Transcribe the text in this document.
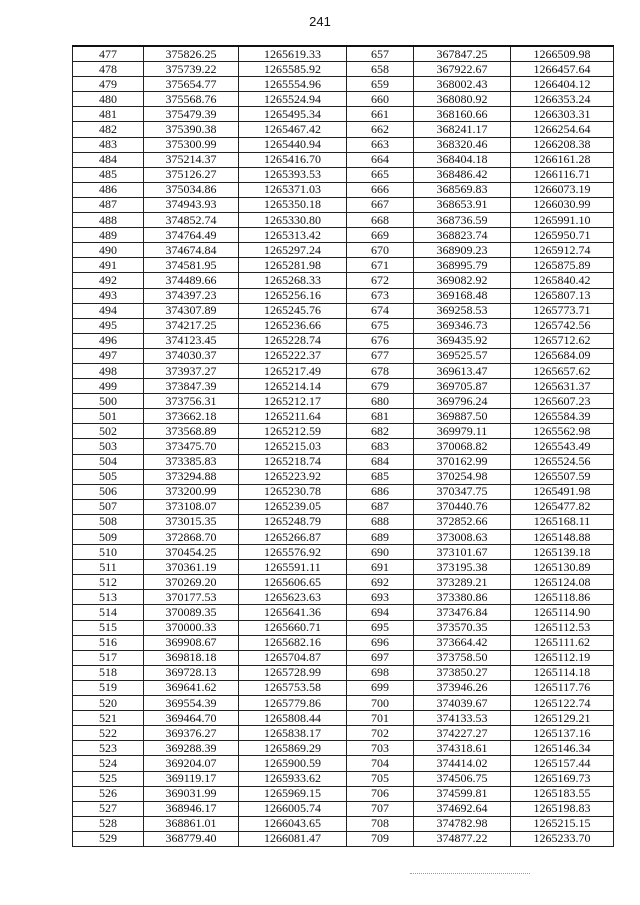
241
477	375826.25	1265619.33	657	367847.25	1266509.98
478	375739.22	1265585.92	658	367922.67	1266457.64
479	375654.77	1265554.96	659	368002.43	1266404.12
480	375568.76	1265524.94	660	368080.92	1266353.24
481	375479.39	1265495.34	661	368160.66	1266303.31
482	375390.38	1265467.42	662	368241.17	1266254.64
483	375300.99	1265440.94	663	368320.46	1266208.38
484	375214.37	1265416.70	664	368404.18	1266161.28
485	375126.27	1265393.53	665	368486.42	1266116.71
486	375034.86	1265371.03	666	368569.83	1266073.19
487	374943.93	1265350.18	667	368653.91	1266030.99
488	374852.74	1265330.80	668	368736.59	1265991.10
489	374764.49	1265313.42	669	368823.74	1265950.71
490	374674.84	1265297.24	670	368909.23	1265912.74
491	374581.95	1265281.98	671	368995.79	1265875.89
492	374489.66	1265268.33	672	369082.92	1265840.42
493	374397.23	1265256.16	673	369168.48	1265807.13
494	374307.89	1265245.76	674	369258.53	1265773.71
495	374217.25	1265236.66	675	369346.73	1265742.56
496	374123.45	1265228.74	676	369435.92	1265712.62
497	374030.37	1265222.37	677	369525.57	1265684.09
498	373937.27	1265217.49	678	369613.47	1265657.62
499	373847.39	1265214.14	679	369705.87	1265631.37
500	373756.31	1265212.17	680	369796.24	1265607.23
501	373662.18	1265211.64	681	369887.50	1265584.39
502	373568.89	1265212.59	682	369979.11	1265562.98
503	373475.70	1265215.03	683	370068.82	1265543.49
504	373385.83	1265218.74	684	370162.99	1265524.56
505	373294.88	1265223.92	685	370254.98	1265507.59
506	373200.99	1265230.78	686	370347.75	1265491.98
507	373108.07	1265239.05	687	370440.76	1265477.82
508	373015.35	1265248.79	688	372852.66	1265168.11
509	372868.70	1265266.87	689	373008.63	1265148.88
510	370454.25	1265576.92	690	373101.67	1265139.18
511	370361.19	1265591.11	691	373195.38	1265130.89
512	370269.20	1265606.65	692	373289.21	1265124.08
513	370177.53	1265623.63	693	373380.86	1265118.86
514	370089.35	1265641.36	694	373476.84	1265114.90
515	370000.33	1265660.71	695	373570.35	1265112.53
516	369908.67	1265682.16	696	373664.42	1265111.62
517	369818.18	1265704.87	697	373758.50	1265112.19
518	369728.13	1265728.99	698	373850.27	1265114.18
519	369641.62	1265753.58	699	373946.26	1265117.76
520	369554.39	1265779.86	700	374039.67	1265122.74
521	369464.70	1265808.44	701	374133.53	1265129.21
522	369376.27	1265838.17	702	374227.27	1265137.16
523	369288.39	1265869.29	703	374318.61	1265146.34
524	369204.07	1265900.59	704	374414.02	1265157.44
525	369119.17	1265933.62	705	374506.75	1265169.73
526	369031.99	1265969.15	706	374599.81	1265183.55
527	368946.17	1266005.74	707	374692.64	1265198.83
528	368861.01	1266043.65	708	374782.98	1265215.15
529	368779.40	1266081.47	709	374877.22	1265233.70
